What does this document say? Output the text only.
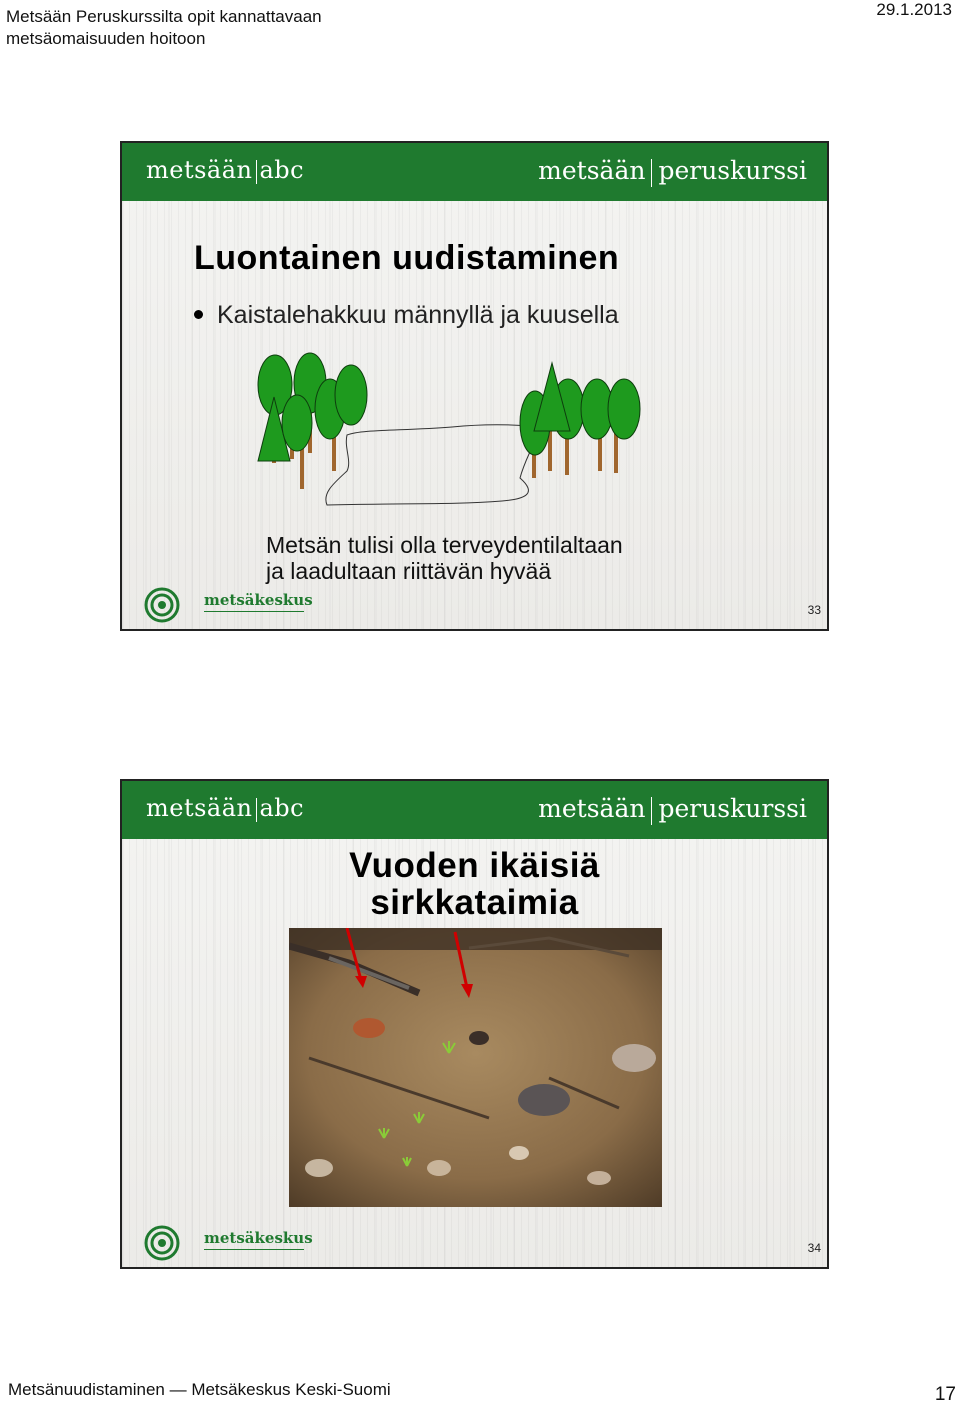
Metsään Peruskurssilta opit kannattavaan
metsäomaisuuden hoitoon
29.1.2013
metsään abc	metsään peruskurssi
Luontainen uudistaminen
Kaistalehakkuu männyllä ja kuusella
Metsän tulisi olla terveydentilaltaan
ja laadultaan riittävän hyvää
metsäkeskus
33
metsään abc	metsään peruskurssi
Vuoden ikäisiä
sirkkataimia
metsäkeskus
34
Metsänuudistaminen — Metsäkeskus Keski-Suomi	17
